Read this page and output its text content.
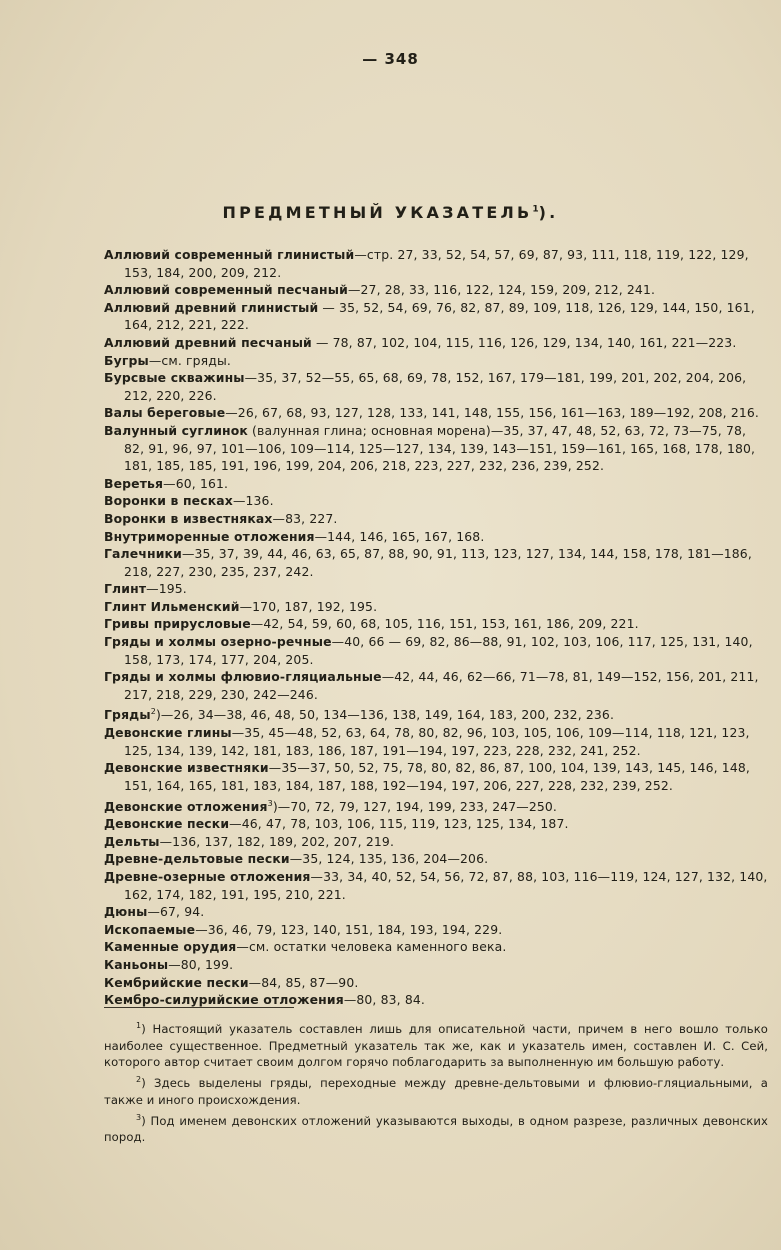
— 348
ПРЕДМЕТНЫЙ УКАЗАТЕЛЬ$^1$).

Аллювий современный глинистый—стр. 27, 33, 52, 54, 57, 69, 87, 93, 111, 118, 119, 122, 129, 153, 184, 200, 209, 212.

Аллювий современный песчаный—27, 28, 33, 116, 122, 124, 159, 209, 212, 241.

Аллювий древний глинистый — 35, 52, 54, 69, 76, 82, 87, 89, 109, 118, 126, 129, 144, 150, 161, 164, 212, 221, 222.

Аллювий древний песчаный — 78, 87, 102, 104, 115, 116, 126, 129, 134, 140, 161, 221—223.

Бугры—см. гряды.

Бурсвые скважины—35, 37, 52—55, 65, 68, 69, 78, 152, 167, 179—181, 199, 201, 202, 204, 206, 212, 220, 226.

Валы береговые—26, 67, 68, 93, 127, 128, 133, 141, 148, 155, 156, 161—163, 189—192, 208, 216.

Валунный суглинок (валунная глина; основная морена)—35, 37, 47, 48, 52, 63, 72, 73—75, 78, 82, 91, 96, 97, 101—106, 109—114, 125—127, 134, 139, 143—151, 159—161, 165, 168, 178, 180, 181, 185, 185, 191, 196, 199, 204, 206, 218, 223, 227, 232, 236, 239, 252.

Веретья—60, 161.

Воронки в песках—136.

Воронки в известняках—83, 227.

Внутриморенные отложения—144, 146, 165, 167, 168.

Галечники—35, 37, 39, 44, 46, 63, 65, 87, 88, 90, 91, 113, 123, 127, 134, 144, 158, 178, 181—186, 218, 227, 230, 235, 237, 242.

Глинт—195.

Глинт Ильменский—170, 187, 192, 195.

Гривы прирусловые—42, 54, 59, 60, 68, 105, 116, 151, 153, 161, 186, 209, 221.

Гряды и холмы озерно-речные—40, 66 — 69, 82, 86—88, 91, 102, 103, 106, 117, 125, 131, 140, 158, 173, 174, 177, 204, 205.

Гряды и холмы флювио-гляциальные—42, 44, 46, 62—66, 71—78, 81, 149—152, 156, 201, 211, 217, 218, 229, 230, 242—246.

Гряды$^2$)—26, 34—38, 46, 48, 50, 134—136, 138, 149, 164, 183, 200, 232, 236.

Девонские глины—35, 45—48, 52, 63, 64, 78, 80, 82, 96, 103, 105, 106, 109—114, 118, 121, 123, 125, 134, 139, 142, 181, 183, 186, 187, 191—194, 197, 223, 228, 232, 241, 252.

Девонские известняки—35—37, 50, 52, 75, 78, 80, 82, 86, 87, 100, 104, 139, 143, 145, 146, 148, 151, 164, 165, 181, 183, 184, 187, 188, 192—194, 197, 206, 227, 228, 232, 239, 252.

Девонские отложения$^3$)—70, 72, 79, 127, 194, 199, 233, 247—250.

Девонские пески—46, 47, 78, 103, 106, 115, 119, 123, 125, 134, 187.

Дельты—136, 137, 182, 189, 202, 207, 219.

Древне-дельтовые пески—35, 124, 135, 136, 204—206.

Древне-озерные отложения—33, 34, 40, 52, 54, 56, 72, 87, 88, 103, 116—119, 124, 127, 132, 140, 162, 174, 182, 191, 195, 210, 221.

Дюны—67, 94.

Ископаемые—36, 46, 79, 123, 140, 151, 184, 193, 194, 229.

Каменные орудия—см. остатки человека каменного века.

Каньоны—80, 199.

Кембрийские пески—84, 85, 87—90.

Кембро-силурийские отложения—80, 83, 84.

$^1$) Настоящий указатель составлен лишь для описательной части, причем в него вошло только наиболее существенное. Предметный указатель так же, как и указатель имен, составлен И. С. Сей, которого автор считает своим долгом горячо поблагодарить за выполненную им большую работу.

$^2$) Здесь выделены гряды, переходные между древне-дельтовыми и флювио-гляциальными, а также и иного происхождения.

$^3$) Под именем девонских отложений указываются выходы, в одном разрезе, различных девонских пород.
